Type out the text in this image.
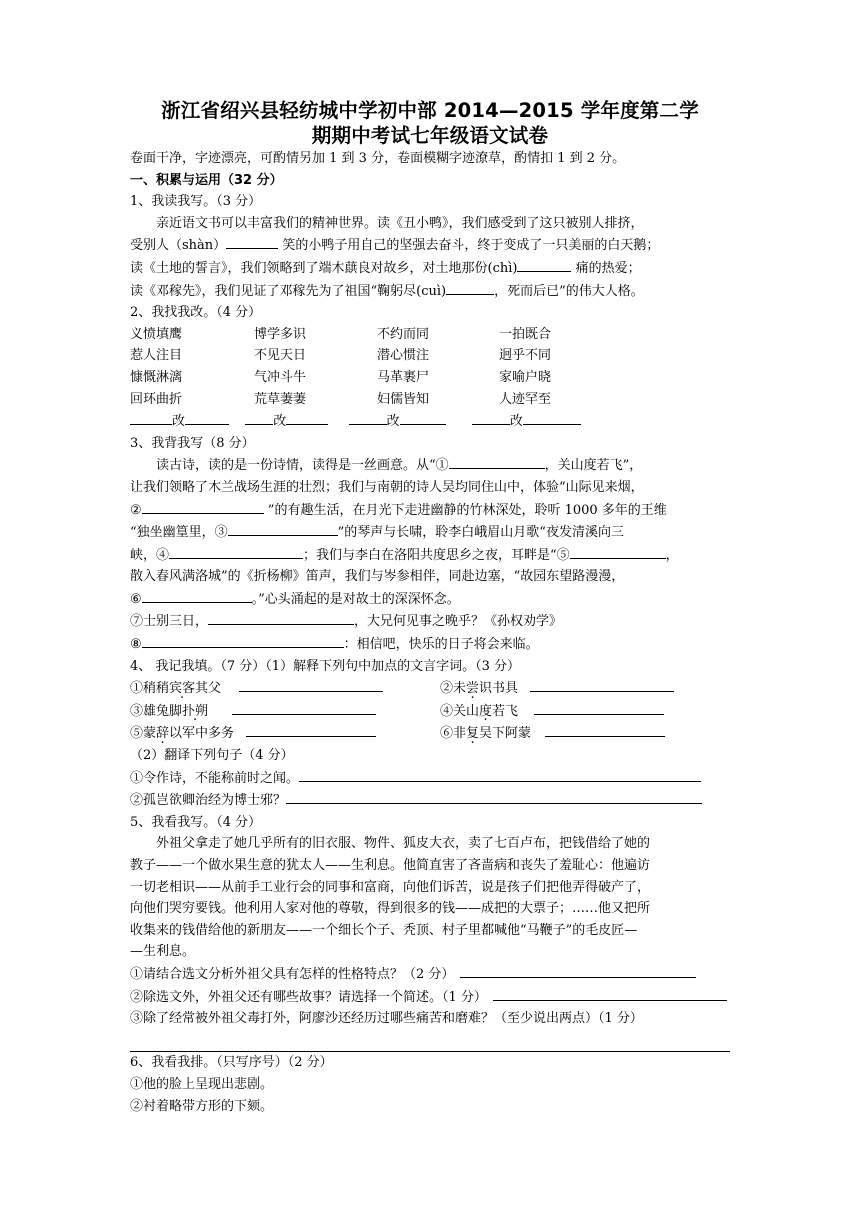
浙江省绍兴县轻纺城中学初中部 2014—2015 学年度第二学
期期中考试七年级语文试卷
卷面干净，字迹漂亮，可酌情另加 1 到 3 分，卷面模糊字迹潦草，酌情扣 1 到 2 分。
一、积累与运用（32 分）
1、我读我写。（3 分）
亲近语文书可以丰富我们的精神世界。读《丑小鸭》，我们感受到了这只被别人排挤，
受别人（shàn）	笑的小鸭子用自己的坚强去奋斗，终于变成了一只美丽的白天鹅；
读《土地的誓言》，我们领略到了端木蕻良对故乡，对土地那份(chì)	痛的热爱；
读《邓稼先》，我们见证了邓稼先为了祖国“鞠躬尽(cuì)	，死而后已”的伟大人格。
2、我找我改。（4 分）
义愤填鹰	博学多识	不约而同	一拍既合
惹人注目	不见天日	潜心惯注	迥乎不同
慷慨淋漓	气冲斗牛	马革裹尸	家喻户晓
回环曲折	荒草萋萋	妇儒皆知	人迹罕至
改	改	改	改
3、我背我写（8 分）
读古诗，读的是一份诗情，读得是一丝画意。从“①	，关山度若飞”，
让我们领略了木兰战场生涯的壮烈；我们与南朝的诗人吴均同住山中，体验“山际见来烟，
②	”的有趣生活，在月光下走进幽静的竹林深处，聆听 1000 多年的王维
“独坐幽篁里，③	”的琴声与长啸，聆李白峨眉山月歌“夜发清溪向三
峡，④	；我们与李白在洛阳共度思乡之夜，耳畔是“⑤	，
散入春风满洛城”的《折杨柳》笛声，我们与岑参相伴，同赴边塞，“故园东望路漫漫，
⑥	。”心头涌起的是对故土的深深怀念。
⑦士别三日，	，大兄何见事之晚乎？《孙权劝学》
⑧	：相信吧，快乐的日子将会来临。
4、 我记我填。（7 分）（1）解释下列句中加点的文言字词。（3 分）
①稍稍宾客其父	②未尝识书具
③雄兔脚扑朔	④关山度若飞
⑤蒙辞以军中多务	⑥非复吴下阿蒙
（2）翻译下列句子（4 分）
①令作诗，不能称前时之闻。
②孤岂欲卿治经为博士邪？
5、我看我写。（4 分）
外祖父拿走了她几乎所有的旧衣服、物件、狐皮大衣，卖了七百卢布，把钱借给了她的
教子——一个做水果生意的犹太人——生利息。他简直害了吝啬病和丧失了羞耻心：他遍访
一切老相识——从前手工业行会的同事和富商，向他们诉苦，说是孩子们把他弄得破产了，
向他们哭穷要钱。他利用人家对他的尊敬，得到很多的钱——成把的大票子；……他又把所
收集来的钱借给他的新朋友——一个细长个子、秃顶、村子里都喊他“马鞭子”的毛皮匠—
—生利息。
①请结合选文分析外祖父具有怎样的性格特点？（2 分）
②除选文外，外祖父还有哪些故事？请选择一个简述。（1 分）
③除了经常被外祖父毒打外，阿廖沙还经历过哪些痛苦和磨难？（至少说出两点）（1 分）
6、我看我排。（只写序号）（2 分）
①他的脸上呈现出悲剧。
②衬着略带方形的下颏。
